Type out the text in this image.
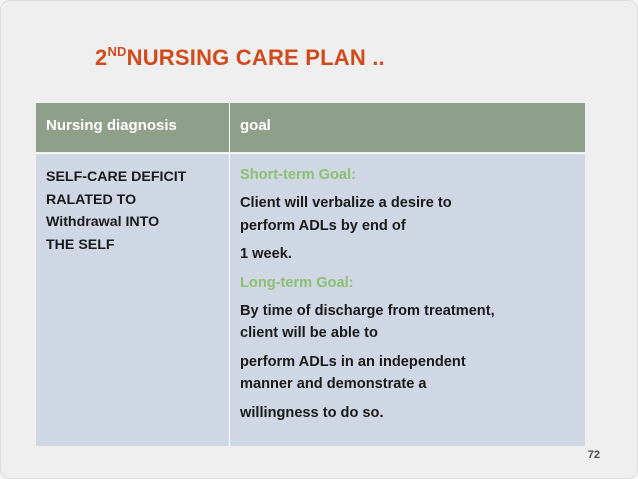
2NDNURSING CARE PLAN ..
Nursing diagnosis	goal
SELF-CARE DEFICIT
RALATED TO
Withdrawal INTO
THE SELF
Short-term Goal:
Client will verbalize a desire to
perform ADLs by end of
1 week.
Long-term Goal:
By time of discharge from treatment,
client will be able to
perform ADLs in an independent
manner and demonstrate a
willingness to do so.
72
